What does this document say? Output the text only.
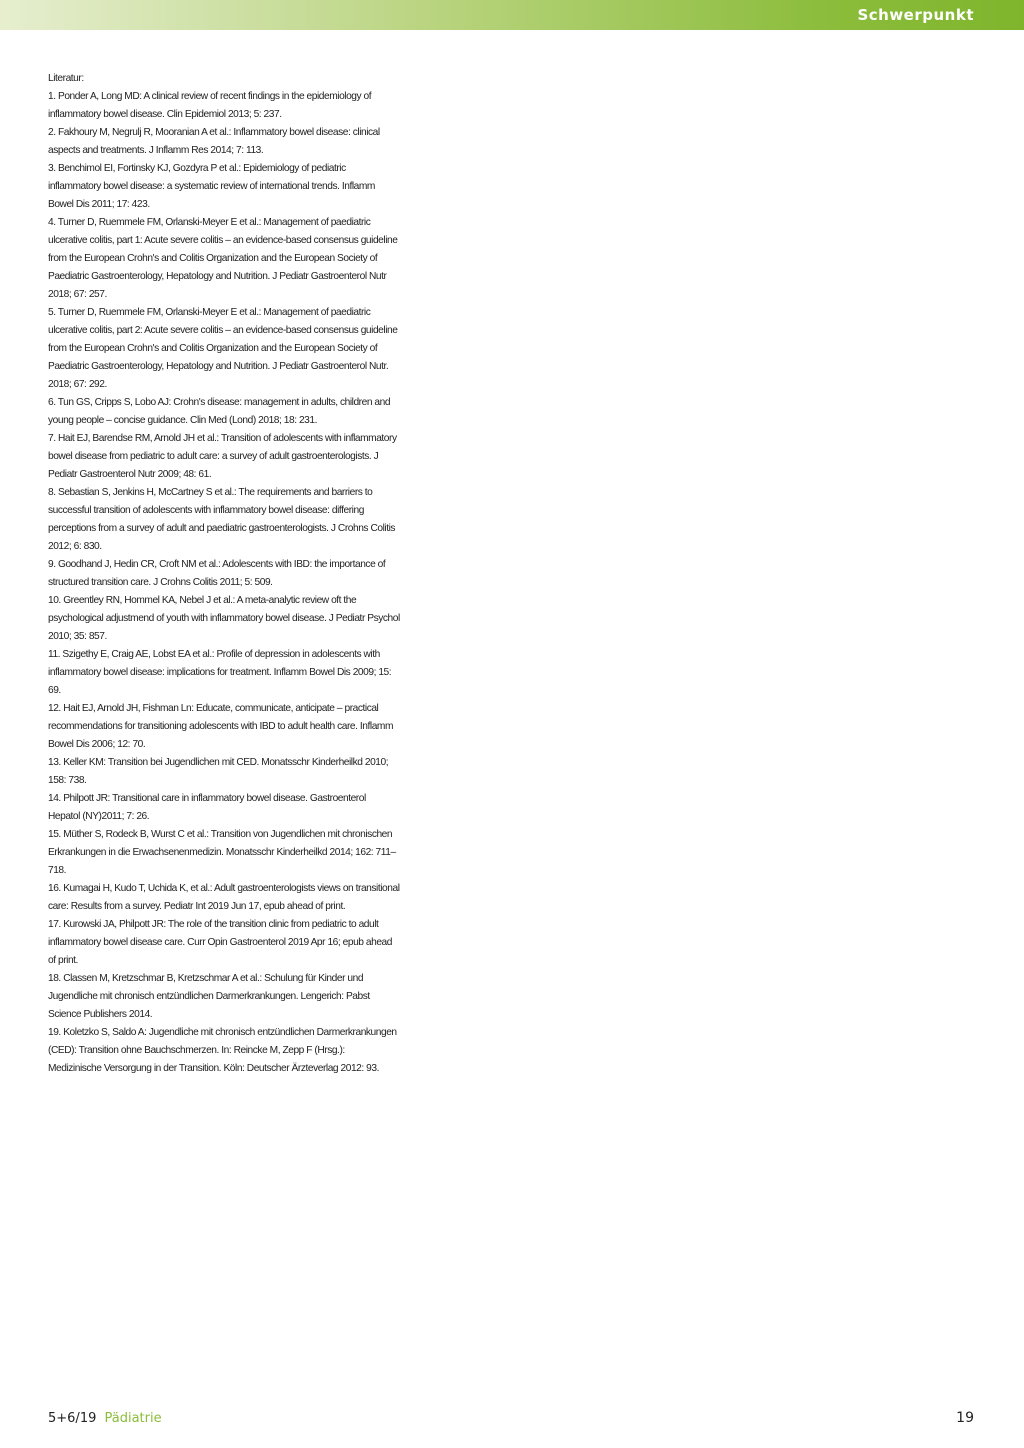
Schwerpunkt

Literatur:

1. Ponder A, Long MD: A clinical review of recent findings in the epidemiology of inflammatory bowel disease. Clin Epidemiol 2013; 5: 237.
2. Fakhoury M, Negrulj R, Mooranian A et al.: Inflammatory bowel disease: clinical aspects and treatments. J Inflamm Res 2014; 7: 113.
3. Benchimol EI, Fortinsky KJ, Gozdyra P et al.: Epidemiology of pediatric inflammatory bowel disease: a systematic review of international trends. Inflamm Bowel Dis 2011; 17: 423.
4. Turner D, Ruemmele FM, Orlanski-Meyer E et al.: Management of paediatric ulcerative colitis, part 1: Acute severe colitis – an evidence-based consensus guideline from the European Crohn's and Colitis Organization and the European Society of Paediatric Gastroenterology, Hepatology and Nutrition. J Pediatr Gastroenterol Nutr 2018; 67: 257.
5. Turner D, Ruemmele FM, Orlanski-Meyer E et al.: Management of paediatric ulcerative colitis, part 2: Acute severe colitis – an evidence-based consensus guideline from the European Crohn's and Colitis Organization and the European Society of Paediatric Gastroenterology, Hepatology and Nutrition. J Pediatr Gastroenterol Nutr. 2018; 67: 292.
6. Tun GS, Cripps S, Lobo AJ: Crohn's disease: management in adults, children and young people – concise guidance. Clin Med (Lond) 2018; 18: 231.
7. Hait EJ, Barendse RM, Arnold JH et al.: Transition of adolescents with inflammatory bowel disease from pediatric to adult care: a survey of adult gastroenterologists. J Pediatr Gastroenterol Nutr 2009; 48: 61.
8. Sebastian S, Jenkins H, McCartney S et al.: The requirements and barriers to successful transition of adolescents with inflammatory bowel disease: differing perceptions from a survey of adult and paediatric gastroenterologists. J Crohns Colitis 2012; 6: 830.
9. Goodhand J, Hedin CR, Croft NM et al.: Adolescents with IBD: the importance of structured transition care. J Crohns Colitis 2011; 5: 509.
10. Greentley RN, Hommel KA, Nebel J et al.: A meta-analytic review oft the psychological adjustmend of youth with inflammatory bowel disease. J Pediatr Psychol 2010; 35: 857.
11. Szigethy E, Craig AE, Lobst EA et al.: Profile of depression in adolescents with inflammatory bowel disease: implications for treatment. Inflamm Bowel Dis 2009; 15: 69.
12. Hait EJ, Arnold JH, Fishman Ln: Educate, communicate, anticipate – practical recommendations for transitioning adolescents with IBD to adult health care. Inflamm Bowel Dis 2006; 12: 70.
13. Keller KM: Transition bei Jugendlichen mit CED. Monatsschr Kinderheilkd 2010; 158: 738.
14. Philpott JR: Transitional care in inflammatory bowel disease. Gastroenterol Hepatol (NY)2011; 7: 26.
15. Müther S, Rodeck B, Wurst C et al.: Transition von Jugendlichen mit chronischen Erkrankungen in die Erwachsenenmedizin. Monatsschr Kinderheilkd 2014; 162: 711–718.
16. Kumagai H, Kudo T, Uchida K, et al.: Adult gastroenterologists views on transitional care: Results from a survey. Pediatr Int 2019 Jun 17, epub ahead of print.
17. Kurowski JA, Philpott JR: The role of the transition clinic from pediatric to adult inflammatory bowel disease care. Curr Opin Gastroenterol 2019 Apr 16; epub ahead of print.
18. Classen M, Kretzschmar B, Kretzschmar A et al.: Schulung für Kinder und Jugendliche mit chronisch entzündlichen Darmerkrankungen. Lengerich: Pabst Science Publishers 2014.
19. Koletzko S, Saldo A: Jugendliche mit chronisch entzündlichen Darmerkrankungen (CED): Transition ohne Bauchschmerzen. In: Reincke M, Zepp F (Hrsg.): Medizinische Versorgung in der Transition. Köln: Deutscher Ärzteverlag 2012: 93.
5+6/19 Pädiatrie	19
